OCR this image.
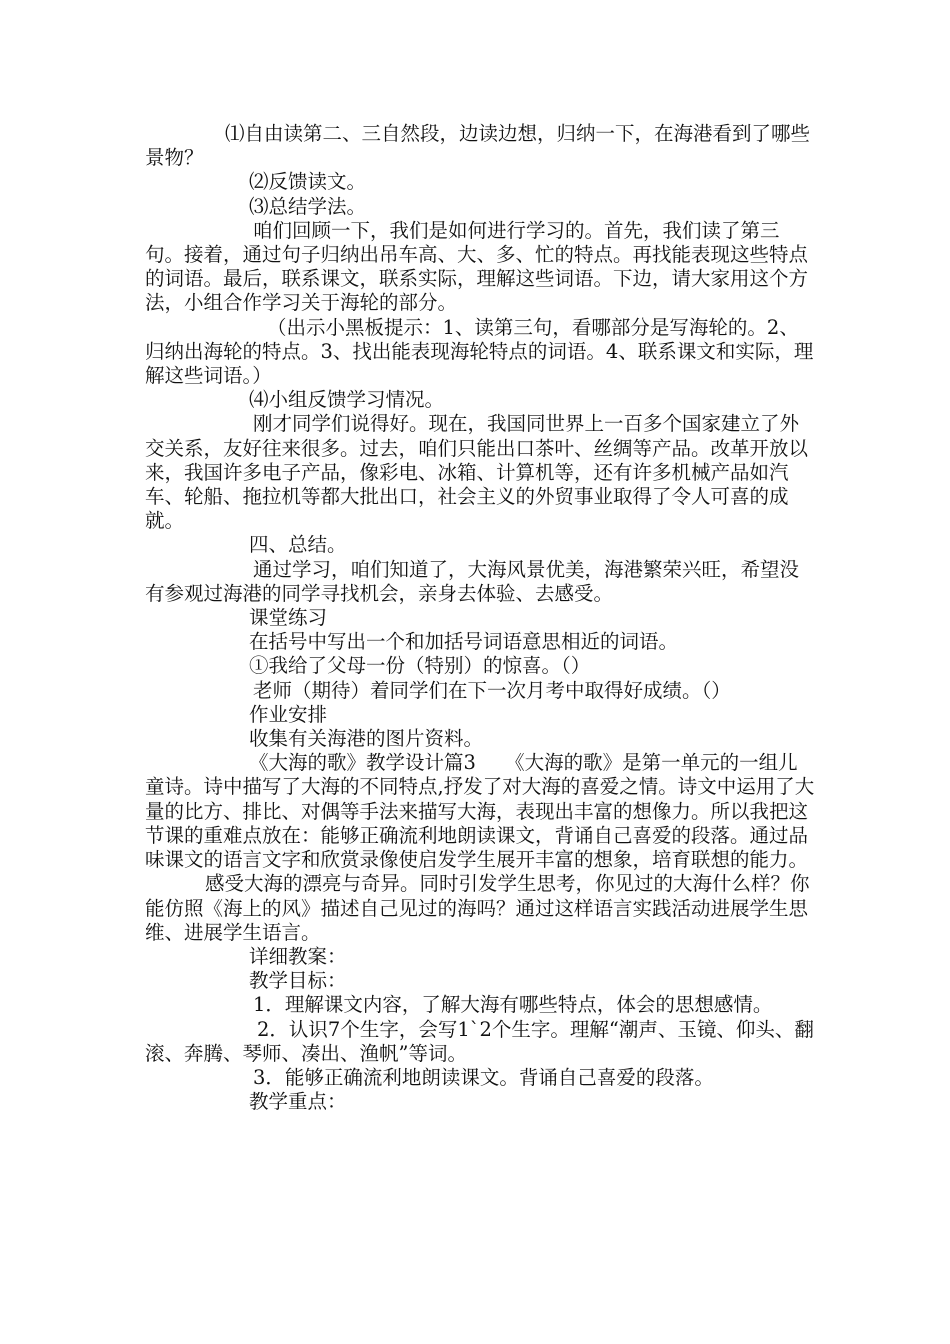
⑴自由读第二、三自然段，边读边想，归纳一下，在海港看到了哪些景物？

⑵反馈读文。

⑶总结学法。

咱们回顾一下，我们是如何进行学习的。首先，我们读了第三句。接着，通过句子归纳出吊车高、大、多、忙的特点。再找能表现这些特点的词语。最后，联系课文，联系实际，理解这些词语。下边，请大家用这个方法，小组合作学习关于海轮的部分。

（出示小黑板提示：1、读第三句，看哪部分是写海轮的。2、归纳出海轮的特点。3、找出能表现海轮特点的词语。4、联系课文和实际，理解这些词语。）

⑷小组反馈学习情况。

刚才同学们说得好。现在，我国同世界上一百多个国家建立了外交关系，友好往来很多。过去，咱们只能出口茶叶、丝绸等产品。改革开放以来，我国许多电子产品，像彩电、冰箱、计算机等，还有许多机械产品如汽车、轮船、拖拉机等都大批出口，社会主义的外贸事业取得了令人可喜的成就。

四、总结。

通过学习，咱们知道了，大海风景优美，海港繁荣兴旺，希望没有参观过海港的同学寻找机会，亲身去体验、去感受。

课堂练习

在括号中写出一个和加括号词语意思相近的词语。

①我给了父母一份（特别）的惊喜。（）

老师（期待）着同学们在下一次月考中取得好成绩。（）

作业安排

收集有关海港的图片资料。

《大海的歌》教学设计篇3　　《大海的歌》是第一单元的一组儿童诗。诗中描写了大海的不同特点,抒发了对大海的喜爱之情。诗文中运用了大量的比方、排比、对偶等手法来描写大海，表现出丰富的想像力。所以我把这节课的重难点放在：能够正确流利地朗读课文，背诵自己喜爱的段落。通过品味课文的语言文字和欣赏录像使启发学生展开丰富的想象，培育联想的能力。

感受大海的漂亮与奇异。同时引发学生思考，你见过的大海什么样？你能仿照《海上的风》描述自己见过的海吗？通过这样语言实践活动进展学生思维、进展学生语言。

详细教案：

教学目标：

1．理解课文内容，了解大海有哪些特点，体会的思想感情。

2．认识7个生字，会写1`2个生字。理解“潮声、玉镜、仰头、翻滚、奔腾、琴师、凑出、渔帆”等词。

3．能够正确流利地朗读课文。背诵自己喜爱的段落。

教学重点：
